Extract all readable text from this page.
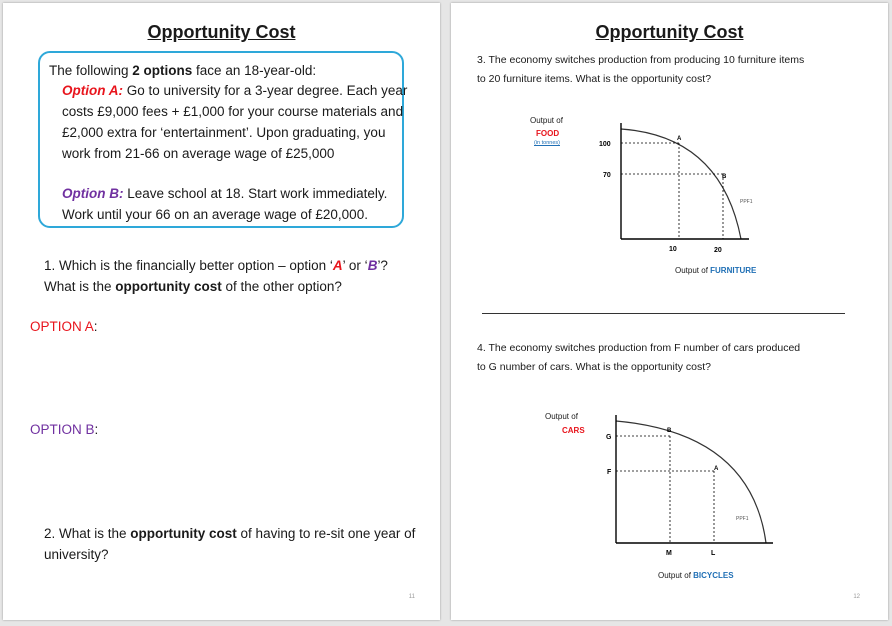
Opportunity Cost
The following 2 options face an 18-year-old:
Option A: Go to university for a 3-year degree. Each year
costs £9,000 fees + £1,000 for your course materials and
£2,000 extra for ‘entertainment’. Upon graduating, you
work from 21-66 on average wage of £25,000
Option B: Leave school at 18. Start work immediately.
Work until your 66 on an average wage of £20,000.
1. Which is the financially better option – option ‘A’ or ‘B’?
What is the opportunity cost of the other option?
OPTION A:
OPTION B:
2. What is the opportunity cost of having to re-sit one year of
university?
11
Opportunity Cost
3. The economy switches production from producing 10 furniture items
to 20 furniture items. What is the opportunity cost?
Output of
FOOD
(in tonnes)	100
70
10	20
A
B
PPF1
Output of FURNITURE
4. The economy switches production from F number of cars produced
to G number of cars. What is the opportunity cost?
Output of
CARS
G
F
M	L
B
A
PPF1
Output of BICYCLES
12
